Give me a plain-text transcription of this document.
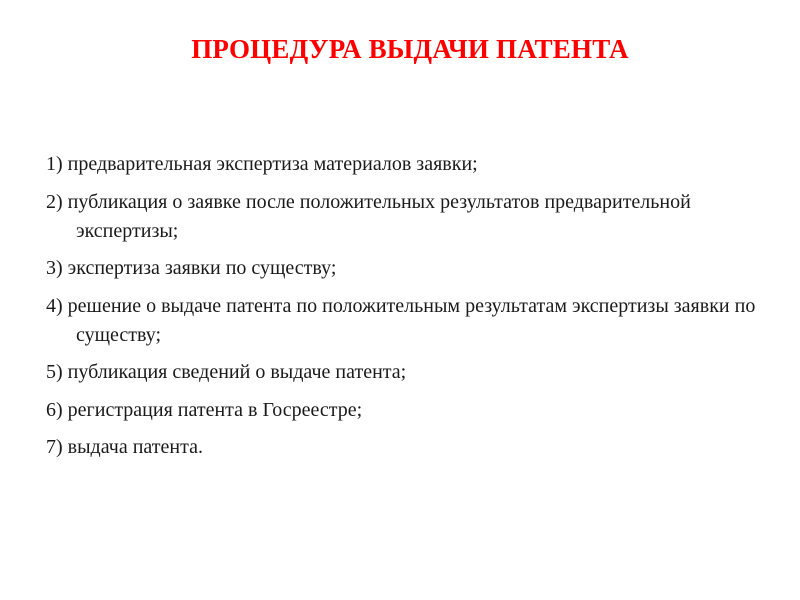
ПРОЦЕДУРА ВЫДАЧИ ПАТЕНТА
1) предварительная экспертиза материалов заявки;
2) публикация о заявке после положительных результатов предварительной экспертизы;
3) экспертиза заявки по существу;
4) решение о выдаче патента по положительным результатам экспертизы заявки по существу;
5) публикация сведений о выдаче патента;
6) регистрация патента в Госреестре;
7) выдача патента.
